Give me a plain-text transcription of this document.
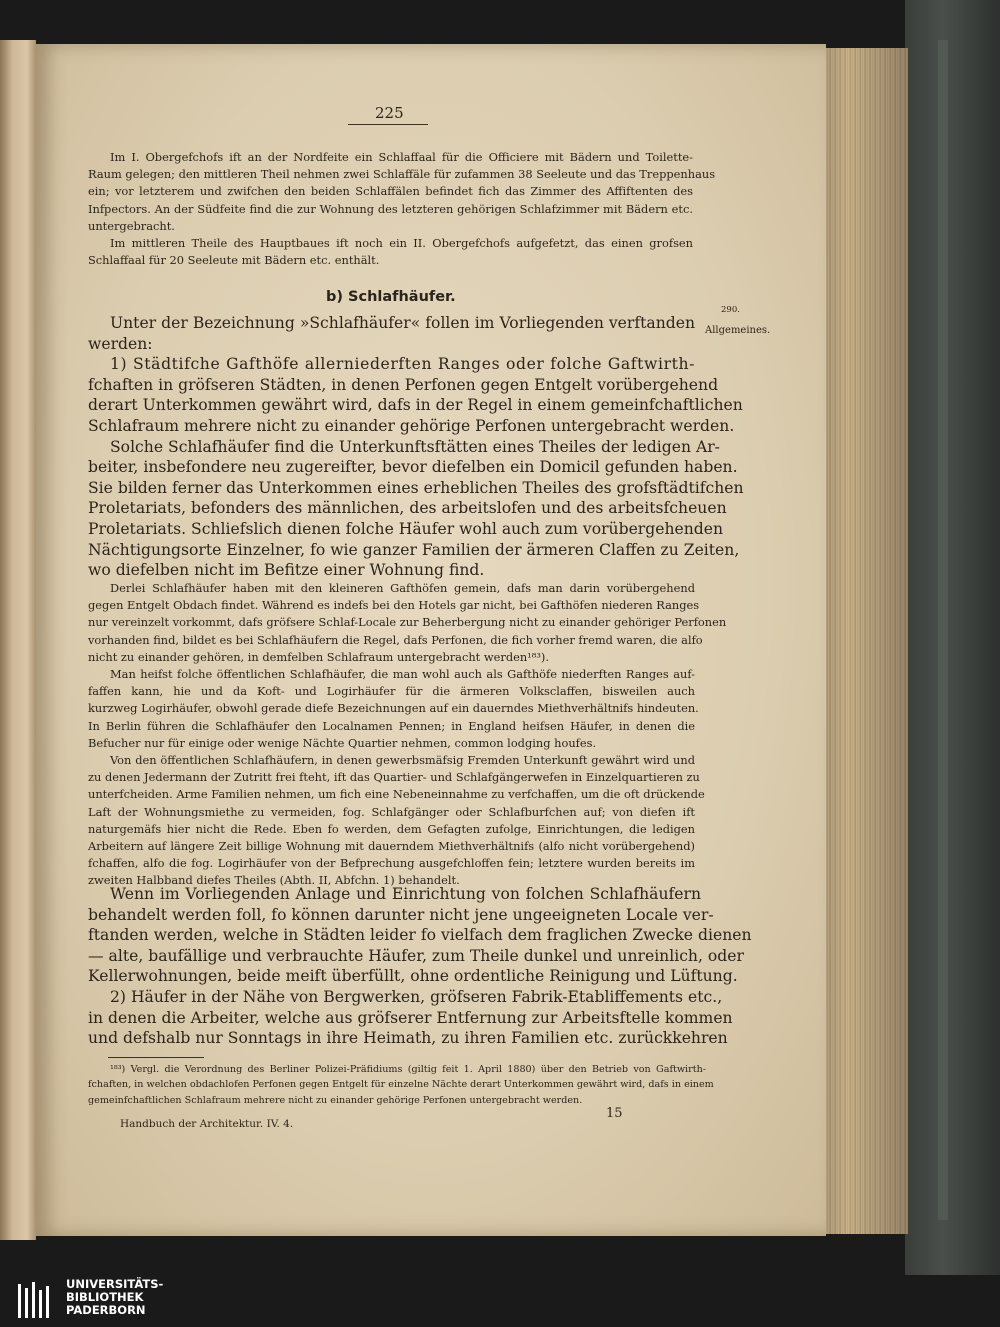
225
Im I. Obergefchofs ift an der Nordfeite ein Schlaffaal für die Officiere mit Bädern und Toilette-
Raum gelegen; den mittleren Theil nehmen zwei Schlaffäle für zufammen 38 Seeleute und das Treppenhaus
ein; vor letzterem und zwifchen den beiden Schlaffälen befindet fich das Zimmer des Affiftenten des
Infpectors. An der Südfeite find die zur Wohnung des letzteren gehörigen Schlafzimmer mit Bädern etc.
untergebracht.
Im mittleren Theile des Hauptbaues ift noch ein II. Obergefchofs aufgefetzt, das einen grofsen
Schlaffaal für 20 Seeleute mit Bädern etc. enthält.
b) Schlafhäufer.
290.
Allgemeines.
Unter der Bezeichnung »Schlafhäufer« follen im Vorliegenden verftanden
werden:
1) Städtifche Gafthöfe allerniederften Ranges oder folche Gaftwirth-
fchaften in gröfseren Städten, in denen Perfonen gegen Entgelt vorübergehend
derart Unterkommen gewährt wird, dafs in der Regel in einem gemeinfchaftlichen
Schlafraum mehrere nicht zu einander gehörige Perfonen untergebracht werden.
Solche Schlafhäufer find die Unterkunftsftätten eines Theiles der ledigen Ar-
beiter, insbefondere neu zugereifter, bevor diefelben ein Domicil gefunden haben.
Sie bilden ferner das Unterkommen eines erheblichen Theiles des grofsftädtifchen
Proletariats, befonders des männlichen, des arbeitslofen und des arbeitsfcheuen
Proletariats. Schliefslich dienen folche Häufer wohl auch zum vorübergehenden
Nächtigungsorte Einzelner, fo wie ganzer Familien der ärmeren Claffen zu Zeiten,
wo diefelben nicht im Befitze einer Wohnung find.
Derlei Schlafhäufer haben mit den kleineren Gafthöfen gemein, dafs man darin vorübergehend
gegen Entgelt Obdach findet. Während es indefs bei den Hotels gar nicht, bei Gafthöfen niederen Ranges
nur vereinzelt vorkommt, dafs gröfsere Schlaf-Locale zur Beherbergung nicht zu einander gehöriger Perfonen
vorhanden find, bildet es bei Schlafhäufern die Regel, dafs Perfonen, die fich vorher fremd waren, die alfo
nicht zu einander gehören, in demfelben Schlafraum untergebracht werden¹⁸³).
Man heifst folche öffentlichen Schlafhäufer, die man wohl auch als Gafthöfe niederften Ranges auf-
faffen kann, hie und da Koft- und Logirhäufer für die ärmeren Volksclaffen, bisweilen auch
kurzweg Logirhäufer, obwohl gerade diefe Bezeichnungen auf ein dauerndes Miethverhältnifs hindeuten.
In Berlin führen die Schlafhäufer den Localnamen Pennen; in England heifsen Häufer, in denen die
Befucher nur für einige oder wenige Nächte Quartier nehmen, common lodging houfes.
Von den öffentlichen Schlafhäufern, in denen gewerbsmäfsig Fremden Unterkunft gewährt wird und
zu denen Jedermann der Zutritt frei fteht, ift das Quartier- und Schlafgängerwefen in Einzelquartieren zu
unterfcheiden. Arme Familien nehmen, um fich eine Nebeneinnahme zu verfchaffen, um die oft drückende
Laft der Wohnungsmiethe zu vermeiden, fog. Schlafgänger oder Schlafburfchen auf; von diefen ift
naturgemäfs hier nicht die Rede. Eben fo werden, dem Gefagten zufolge, Einrichtungen, die ledigen
Arbeitern auf längere Zeit billige Wohnung mit dauerndem Miethverhältnifs (alfo nicht vorübergehend)
fchaffen, alfo die fog. Logirhäufer von der Befprechung ausgefchloffen fein; letztere wurden bereits im
zweiten Halbband diefes Theiles (Abth. II, Abfchn. 1) behandelt.
Wenn im Vorliegenden Anlage und Einrichtung von folchen Schlafhäufern
behandelt werden foll, fo können darunter nicht jene ungeeigneten Locale ver-
ftanden werden, welche in Städten leider fo vielfach dem fraglichen Zwecke dienen
— alte, baufällige und verbrauchte Häufer, zum Theile dunkel und unreinlich, oder
Kellerwohnungen, beide meift überfüllt, ohne ordentliche Reinigung und Lüftung.
2) Häufer in der Nähe von Bergwerken, gröfseren Fabrik-Etabliffements etc.,
in denen die Arbeiter, welche aus gröfserer Entfernung zur Arbeitsftelle kommen
und defshalb nur Sonntags in ihre Heimath, zu ihren Familien etc. zurückkehren
¹⁸³) Vergl. die Verordnung des Berliner Polizei-Präfidiums (giltig feit 1. April 1880) über den Betrieb von Gaftwirth-
fchaften, in welchen obdachlofen Perfonen gegen Entgelt für einzelne Nächte derart Unterkommen gewährt wird, dafs in einem
gemeinfchaftlichen Schlafraum mehrere nicht zu einander gehörige Perfonen untergebracht werden.
Handbuch der Architektur. IV. 4.
15
UNIVERSITÄTS-
BIBLIOTHEK
PADERBORN
